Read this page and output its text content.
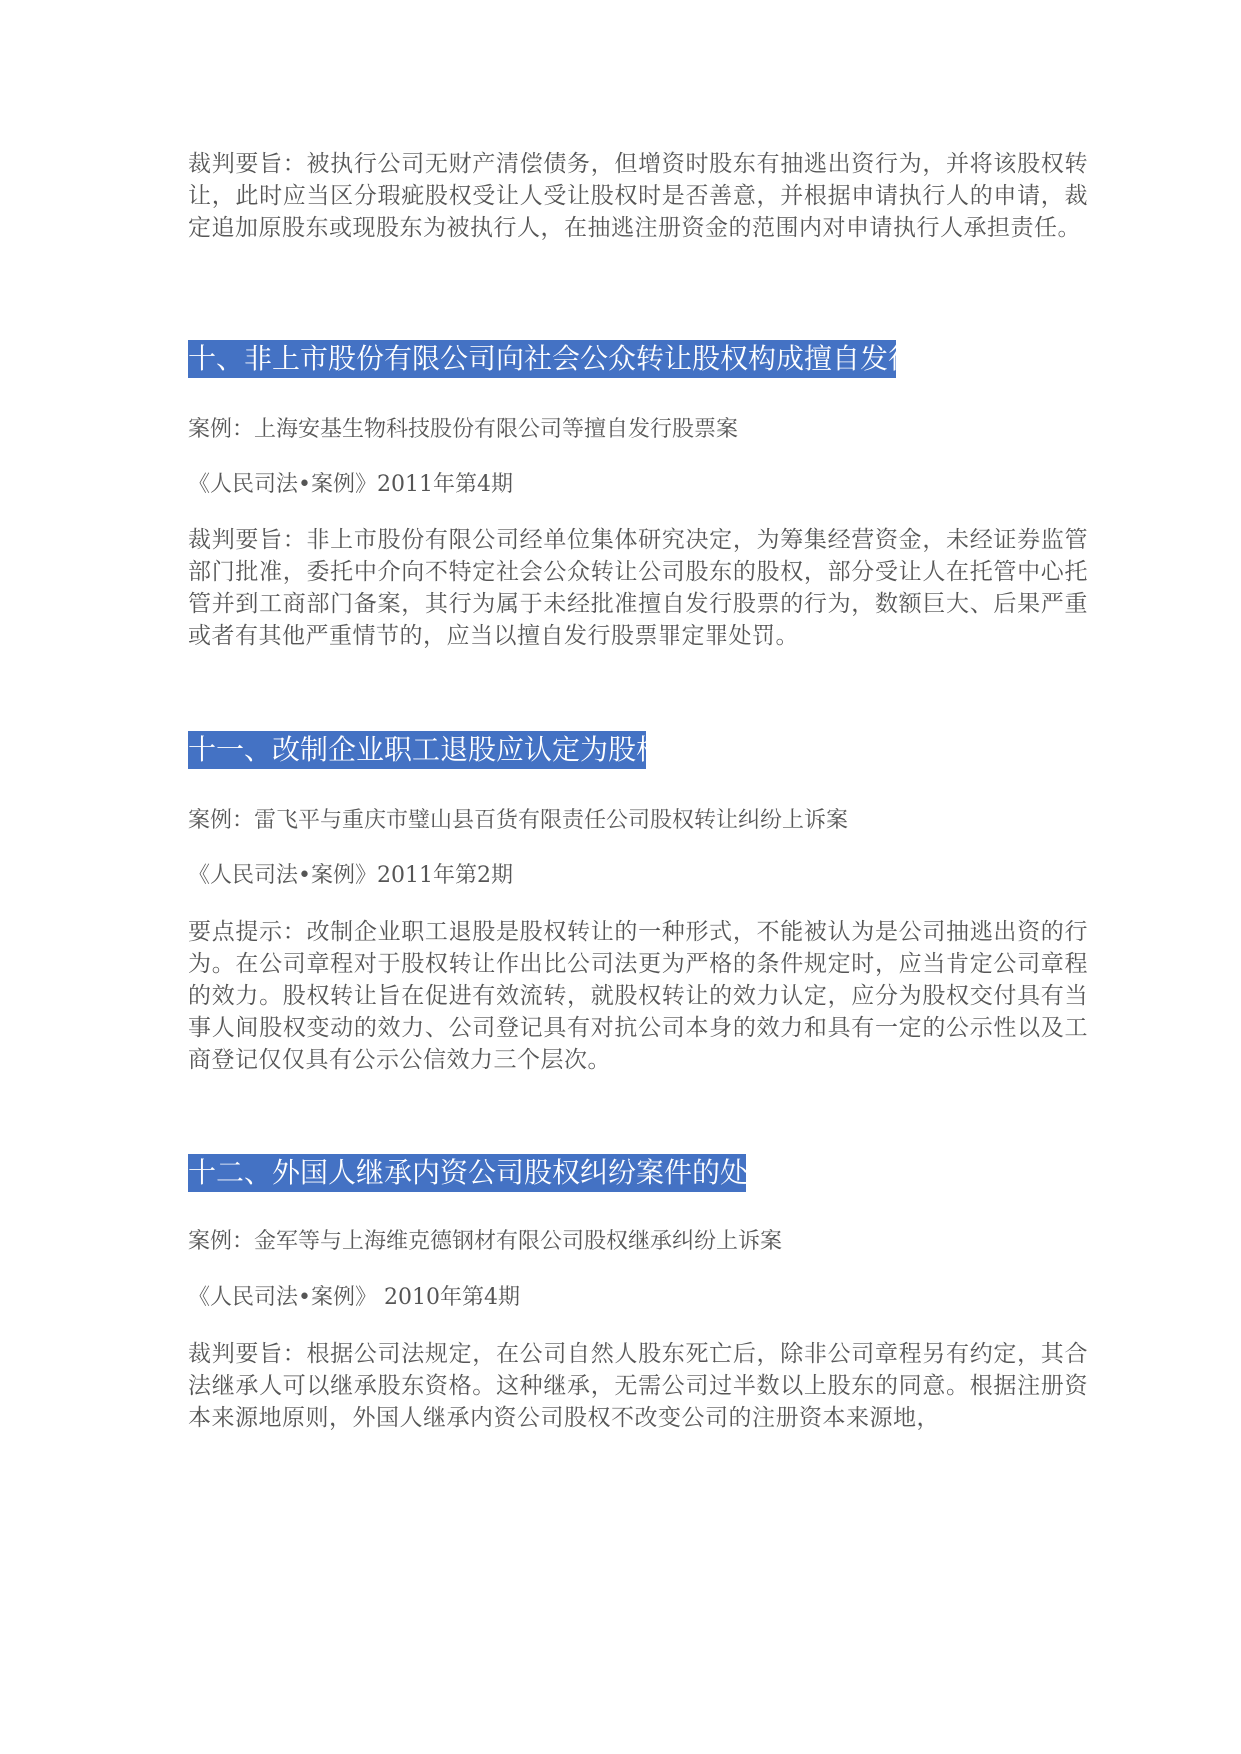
裁判要旨：被执行公司无财产清偿债务，但增资时股东有抽逃出资行为，并将该股权转让，此时应当区分瑕疵股权受让人受让股权时是否善意，并根据申请执行人的申请，裁定追加原股东或现股东为被执行人，在抽逃注册资金的范围内对申请执行人承担责任。

十、非上市股份有限公司向社会公众转让股权构成擅自发行股票

案例：上海安基生物科技股份有限公司等擅自发行股票案

《人民司法•案例》2011年第4期

裁判要旨：非上市股份有限公司经单位集体研究决定，为筹集经营资金，未经证券监管部门批准，委托中介向不特定社会公众转让公司股东的股权，部分受让人在托管中心托管并到工商部门备案，其行为属于未经批准擅自发行股票的行为，数额巨大、后果严重或者有其他严重情节的，应当以擅自发行股票罪定罪处罚。

十一、改制企业职工退股应认定为股权转让

案例：雷飞平与重庆市璧山县百货有限责任公司股权转让纠纷上诉案

《人民司法•案例》2011年第2期

要点提示：改制企业职工退股是股权转让的一种形式，不能被认为是公司抽逃出资的行为。在公司章程对于股权转让作出比公司法更为严格的条件规定时，应当肯定公司章程的效力。股权转让旨在促进有效流转，就股权转让的效力认定，应分为股权交付具有当事人间股权变动的效力、公司登记具有对抗公司本身的效力和具有一定的公示性以及工商登记仅仅具有公示公信效力三个层次。

十二、外国人继承内资公司股权纠纷案件的处理处理

案例：金军等与上海维克德钢材有限公司股权继承纠纷上诉案

《人民司法•案例》 2010年第4期

裁判要旨：根据公司法规定，在公司自然人股东死亡后，除非公司章程另有约定，其合法继承人可以继承股东资格。这种继承，无需公司过半数以上股东的同意。根据注册资本来源地原则，外国人继承内资公司股权不改变公司的注册资本来源地，
